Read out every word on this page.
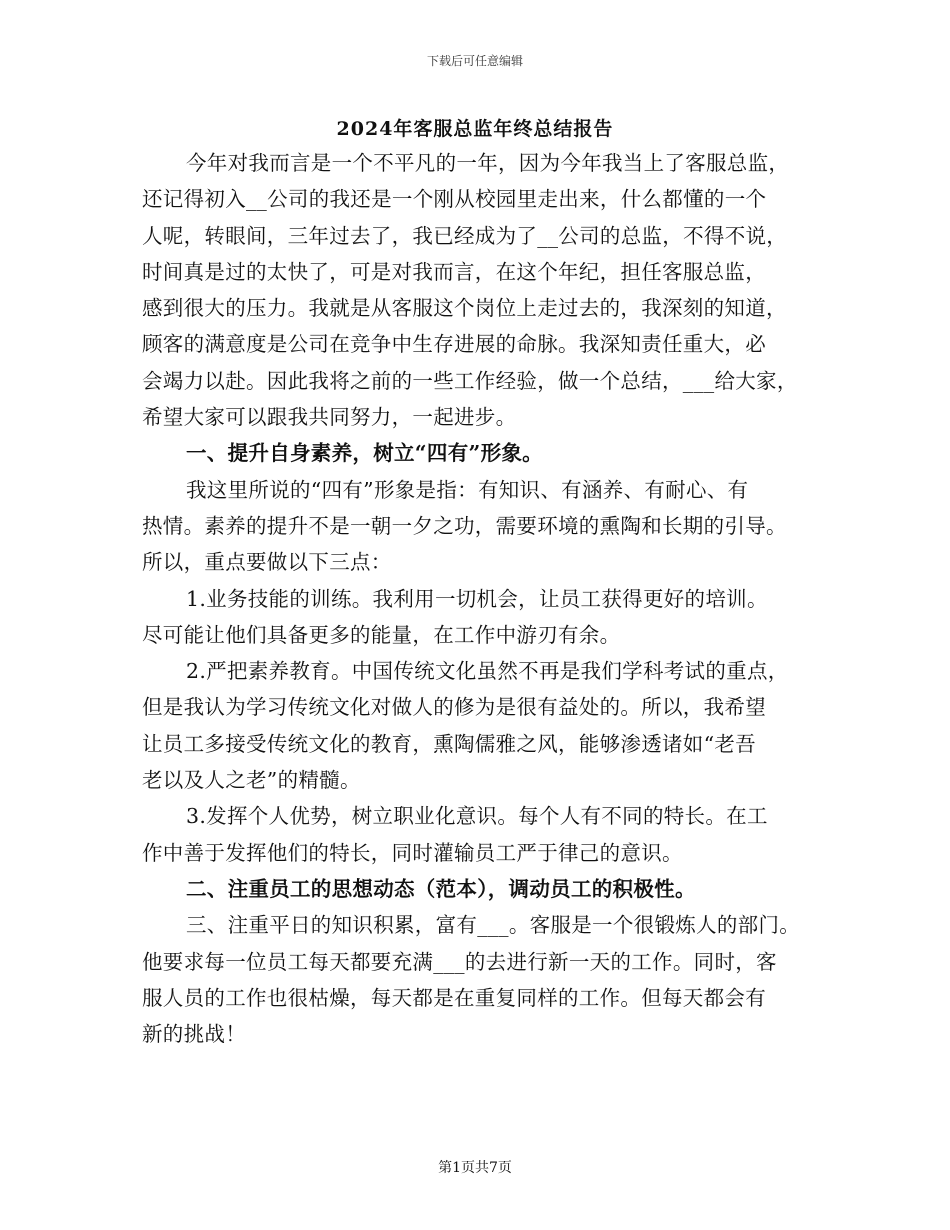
下载后可任意编辑
2024年客服总监年终总结报告
今年对我而言是一个不平凡的一年，因为今年我当上了客服总监，
还记得初入__公司的我还是一个刚从校园里走出来，什么都懂的一个
人呢，转眼间，三年过去了，我已经成为了__公司的总监，不得不说，
时间真是过的太快了，可是对我而言，在这个年纪，担任客服总监，
感到很大的压力。我就是从客服这个岗位上走过去的，我深刻的知道，
顾客的满意度是公司在竞争中生存进展的命脉。我深知责任重大，必
会竭力以赴。因此我将之前的一些工作经验，做一个总结，___给大家，
希望大家可以跟我共同努力，一起进步。
一、提升自身素养，树立“四有”形象。
我这里所说的“四有”形象是指：有知识、有涵养、有耐心、有
热情。素养的提升不是一朝一夕之功，需要环境的熏陶和长期的引导。
所以，重点要做以下三点：
1.业务技能的训练。我利用一切机会，让员工获得更好的培训。
尽可能让他们具备更多的能量，在工作中游刃有余。
2.严把素养教育。中国传统文化虽然不再是我们学科考试的重点，
但是我认为学习传统文化对做人的修为是很有益处的。所以，我希望
让员工多接受传统文化的教育，熏陶儒雅之风，能够渗透诸如“老吾
老以及人之老”的精髓。
3.发挥个人优势，树立职业化意识。每个人有不同的特长。在工
作中善于发挥他们的特长，同时灌输员工严于律己的意识。
二、注重员工的思想动态（范本），调动员工的积极性。
三、注重平日的知识积累，富有___。客服是一个很锻炼人的部门。
他要求每一位员工每天都要充满___的去进行新一天的工作。同时，客
服人员的工作也很枯燥，每天都是在重复同样的工作。但每天都会有
新的挑战！
第1页共7页
